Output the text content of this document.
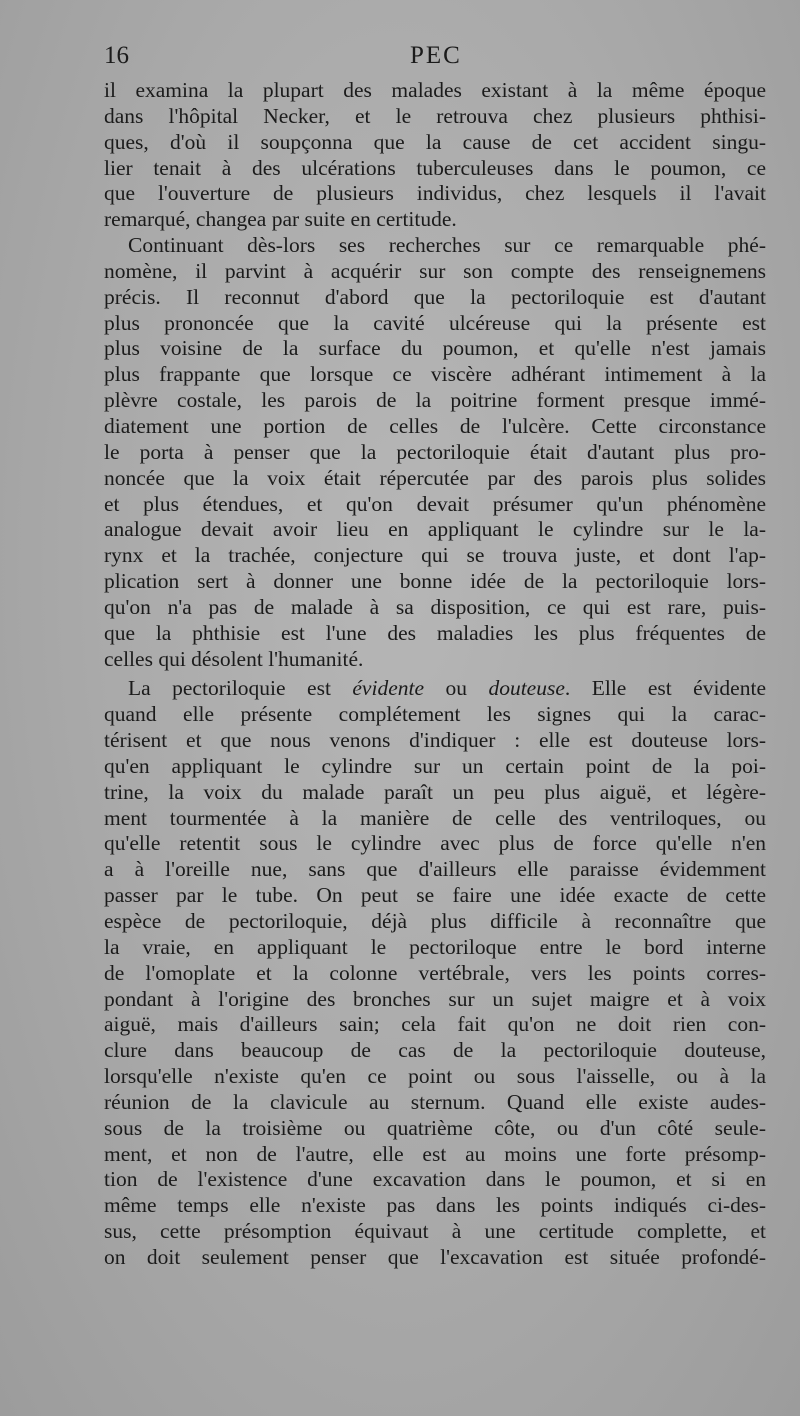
16	PEC
il examina la plupart des malades existant à la même époque
dans l'hôpital Necker, et le retrouva chez plusieurs phthisi-
ques, d'où il soupçonna que la cause de cet accident singu-
lier tenait à des ulcérations tuberculeuses dans le poumon, ce
que l'ouverture de plusieurs individus, chez lesquels il l'avait
remarqué, changea par suite en certitude.
Continuant dès-lors ses recherches sur ce remarquable phé-
nomène, il parvint à acquérir sur son compte des renseignemens
précis. Il reconnut d'abord que la pectoriloquie est d'autant
plus prononcée que la cavité ulcéreuse qui la présente est
plus voisine de la surface du poumon, et qu'elle n'est jamais
plus frappante que lorsque ce viscère adhérant intimement à la
plèvre costale, les parois de la poitrine forment presque immé-
diatement une portion de celles de l'ulcère. Cette circonstance
le porta à penser que la pectoriloquie était d'autant plus pro-
noncée que la voix était répercutée par des parois plus solides
et plus étendues, et qu'on devait présumer qu'un phénomène
analogue devait avoir lieu en appliquant le cylindre sur le la-
rynx et la trachée, conjecture qui se trouva juste, et dont l'ap-
plication sert à donner une bonne idée de la pectoriloquie lors-
qu'on n'a pas de malade à sa disposition, ce qui est rare, puis-
que la phthisie est l'une des maladies les plus fréquentes de
celles qui désolent l'humanité.
La pectoriloquie est évidente ou douteuse. Elle est évidente
quand elle présente complétement les signes qui la carac-
térisent et que nous venons d'indiquer : elle est douteuse lors-
qu'en appliquant le cylindre sur un certain point de la poi-
trine, la voix du malade paraît un peu plus aiguë, et légère-
ment tourmentée à la manière de celle des ventriloques, ou
qu'elle retentit sous le cylindre avec plus de force qu'elle n'en
a à l'oreille nue, sans que d'ailleurs elle paraisse évidemment
passer par le tube. On peut se faire une idée exacte de cette
espèce de pectoriloquie, déjà plus difficile à reconnaître que
la vraie, en appliquant le pectoriloque entre le bord interne
de l'omoplate et la colonne vertébrale, vers les points corres-
pondant à l'origine des bronches sur un sujet maigre et à voix
aiguë, mais d'ailleurs sain; cela fait qu'on ne doit rien con-
clure dans beaucoup de cas de la pectoriloquie douteuse,
lorsqu'elle n'existe qu'en ce point ou sous l'aisselle, ou à la
réunion de la clavicule au sternum. Quand elle existe audes-
sous de la troisième ou quatrième côte, ou d'un côté seule-
ment, et non de l'autre, elle est au moins une forte présomp-
tion de l'existence d'une excavation dans le poumon, et si en
même temps elle n'existe pas dans les points indiqués ci-des-
sus, cette présomption équivaut à une certitude complette, et
on doit seulement penser que l'excavation est située profondé-
